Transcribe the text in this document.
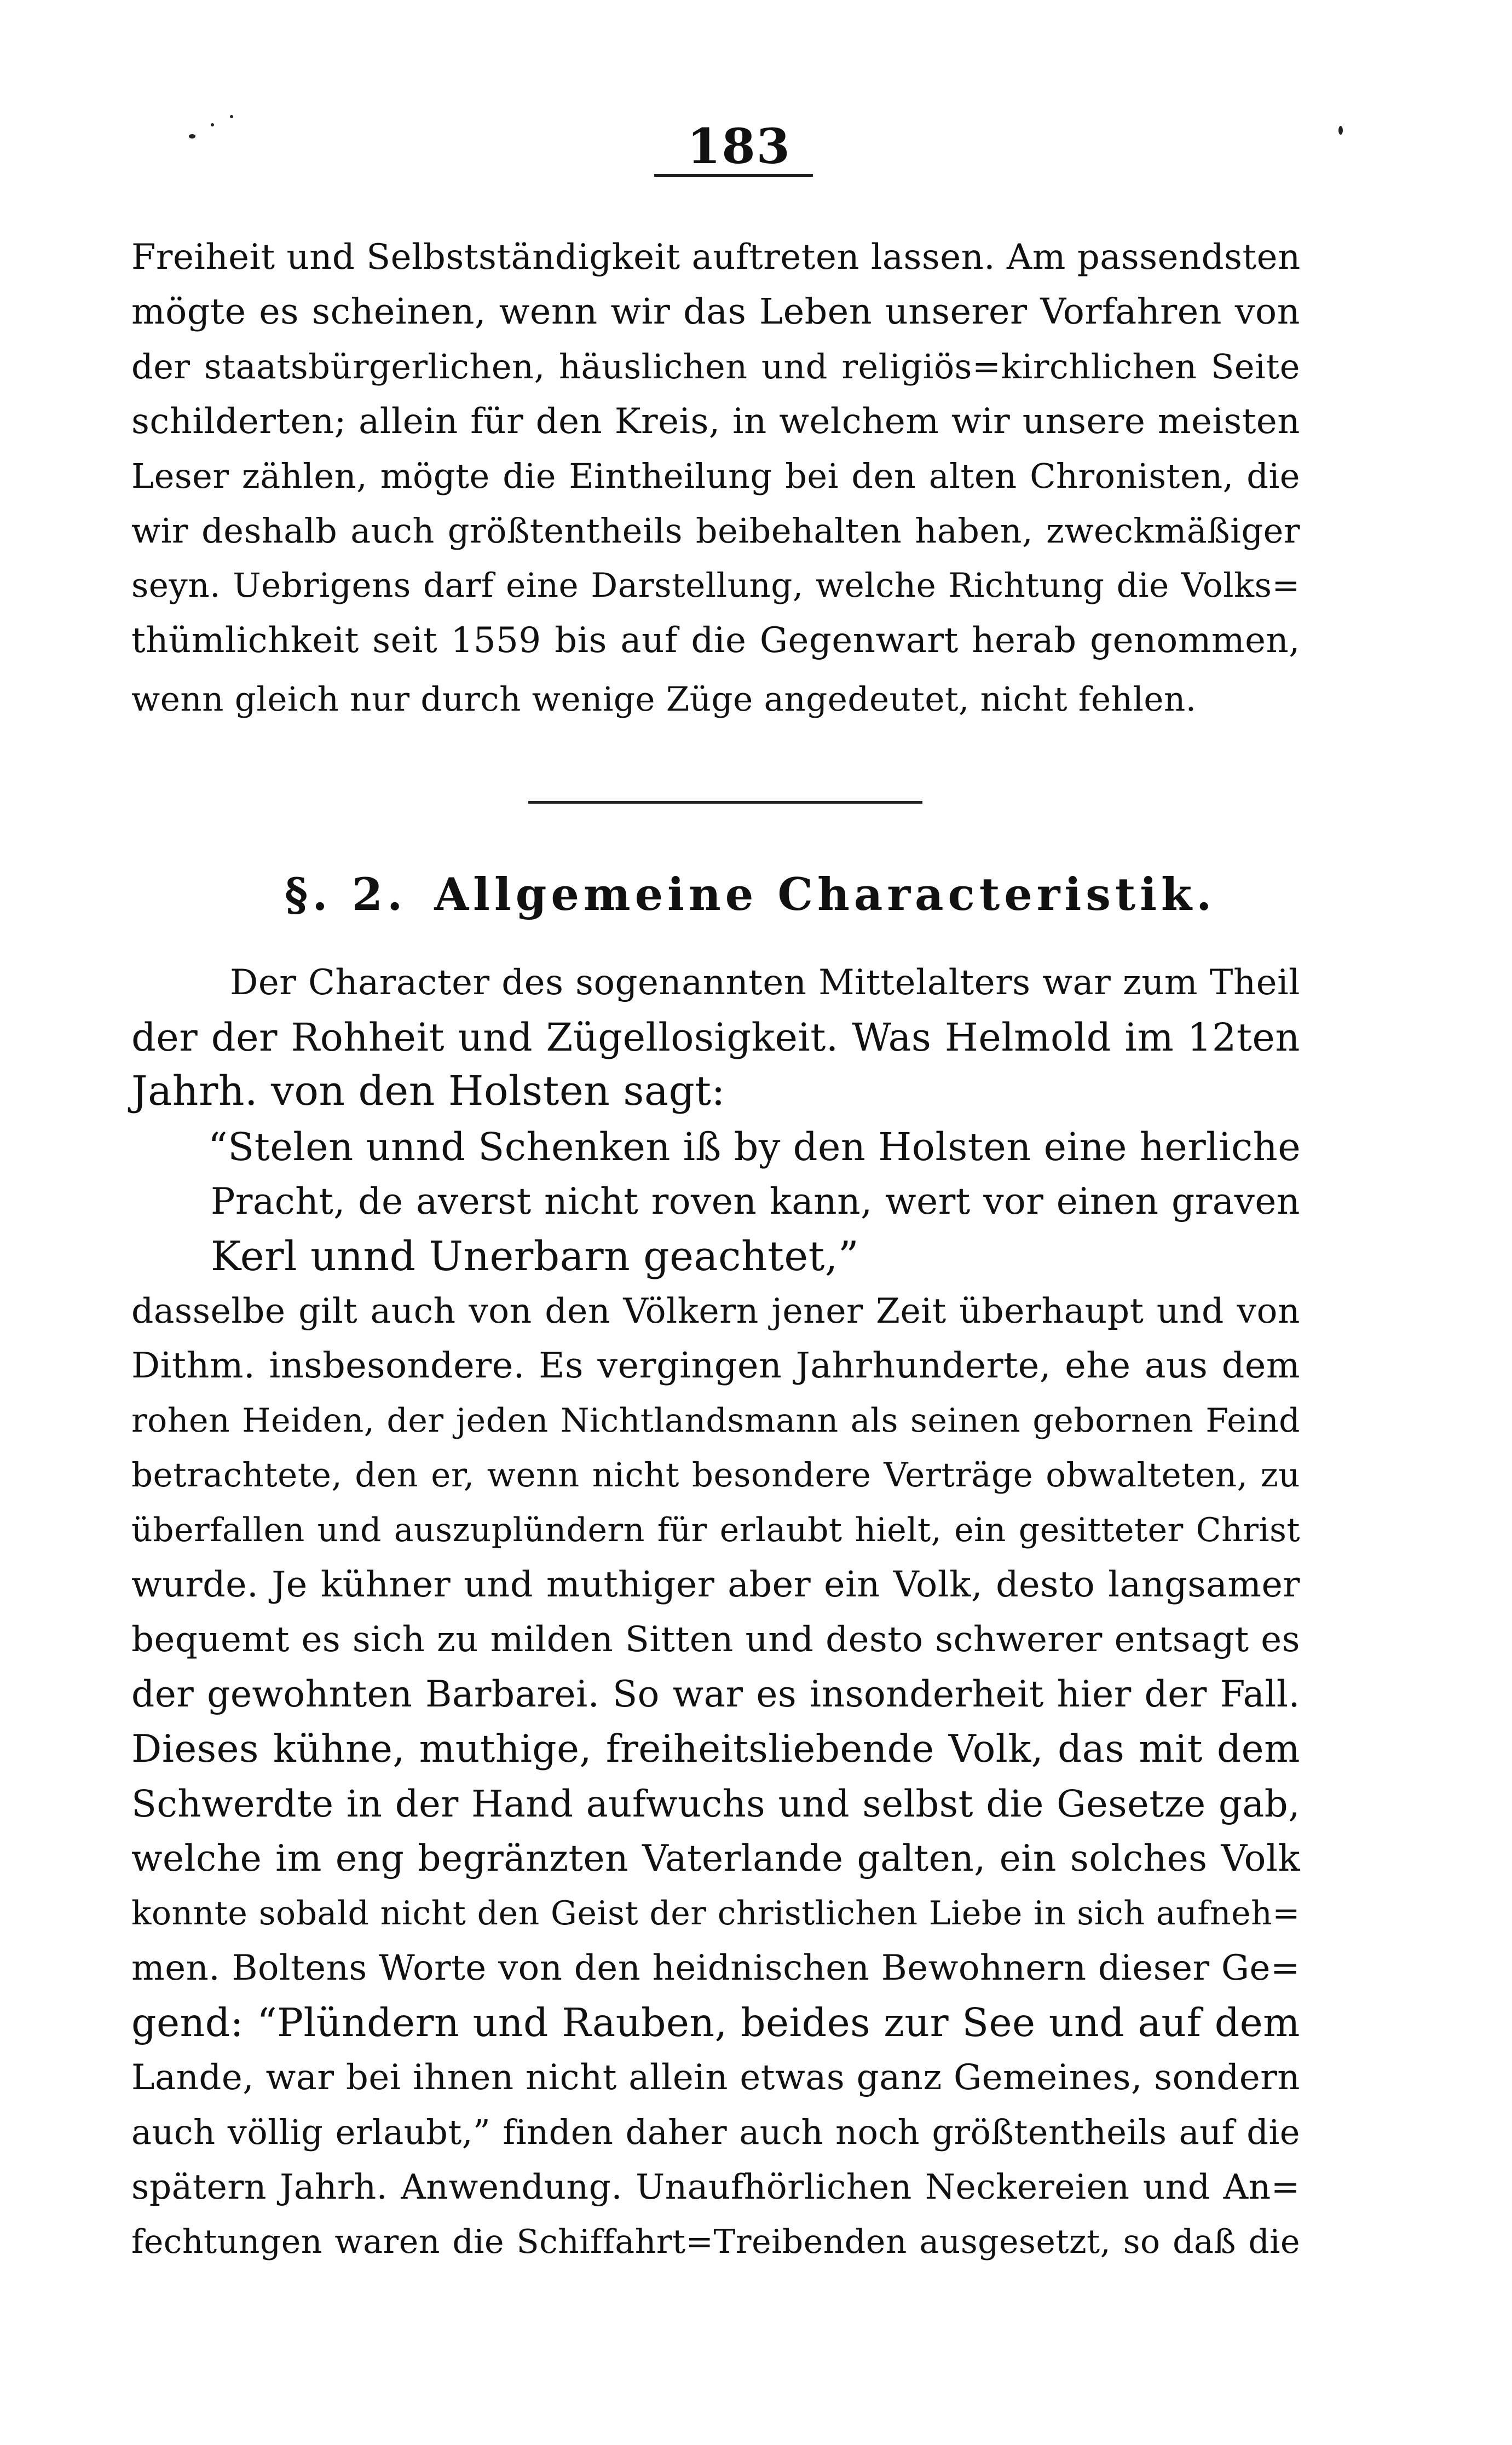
183
Freiheit und Selbstständigkeit auftreten lassen. Am passendsten
mögte es scheinen, wenn wir das Leben unserer Vorfahren von
der staatsbürgerlichen, häuslichen und religiös=kirchlichen Seite
schilderten; allein für den Kreis, in welchem wir unsere meisten
Leser zählen, mögte die Eintheilung bei den alten Chronisten, die
wir deshalb auch größtentheils beibehalten haben, zweckmäßiger
seyn. Uebrigens darf eine Darstellung, welche Richtung die Volks=
thümlichkeit seit 1559 bis auf die Gegenwart herab genommen,
wenn gleich nur durch wenige Züge angedeutet, nicht fehlen.
§. 2. Allgemeine Characteristik.
Der Character des sogenannten Mittelalters war zum Theil
der der Rohheit und Zügellosigkeit. Was Helmold im 12ten
Jahrh. von den Holsten sagt:
“Stelen unnd Schenken iß by den Holsten eine herliche
Pracht, de averst nicht roven kann, wert vor einen graven
Kerl unnd Unerbarn geachtet,”
dasselbe gilt auch von den Völkern jener Zeit überhaupt und von
Dithm. insbesondere. Es vergingen Jahrhunderte, ehe aus dem
rohen Heiden, der jeden Nichtlandsmann als seinen gebornen Feind
betrachtete, den er, wenn nicht besondere Verträge obwalteten, zu
überfallen und auszuplündern für erlaubt hielt, ein gesitteter Christ
wurde. Je kühner und muthiger aber ein Volk, desto langsamer
bequemt es sich zu milden Sitten und desto schwerer entsagt es
der gewohnten Barbarei. So war es insonderheit hier der Fall.
Dieses kühne, muthige, freiheitsliebende Volk, das mit dem
Schwerdte in der Hand aufwuchs und selbst die Gesetze gab,
welche im eng begränzten Vaterlande galten, ein solches Volk
konnte sobald nicht den Geist der christlichen Liebe in sich aufneh=
men. Boltens Worte von den heidnischen Bewohnern dieser Ge=
gend: “Plündern und Rauben, beides zur See und auf dem
Lande, war bei ihnen nicht allein etwas ganz Gemeines, sondern
auch völlig erlaubt,” finden daher auch noch größtentheils auf die
spätern Jahrh. Anwendung. Unaufhörlichen Neckereien und An=
fechtungen waren die Schiffahrt=Treibenden ausgesetzt, so daß die
